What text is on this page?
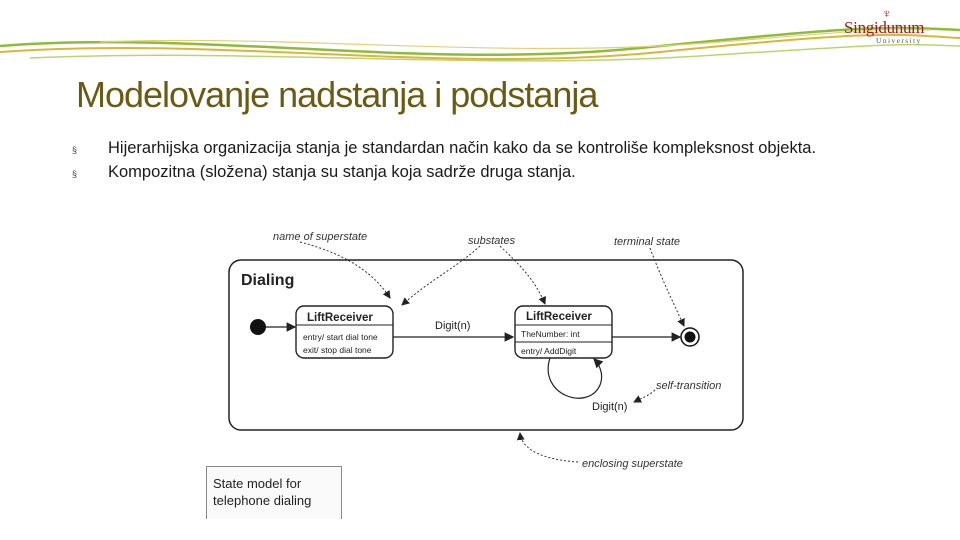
♆
Singidunum
University
Modelovanje nadstanja i podstanja
§ Hijerarhijska organizacija stanja je standardan način kako da se kontroliše kompleksnost objekta.
§ Kompozitna (složena) stanja su stanja koja sadrže druga stanja.
Dialing
LiftReceiver
entry/ start dial tone
exit/ stop dial tone
Digit(n)
LiftReceiver
TheNumber: int
entry/ AddDigit
Digit(n)
name of superstate	substates	terminal state
self-transition
enclosing superstate
State model for telephone dialing
